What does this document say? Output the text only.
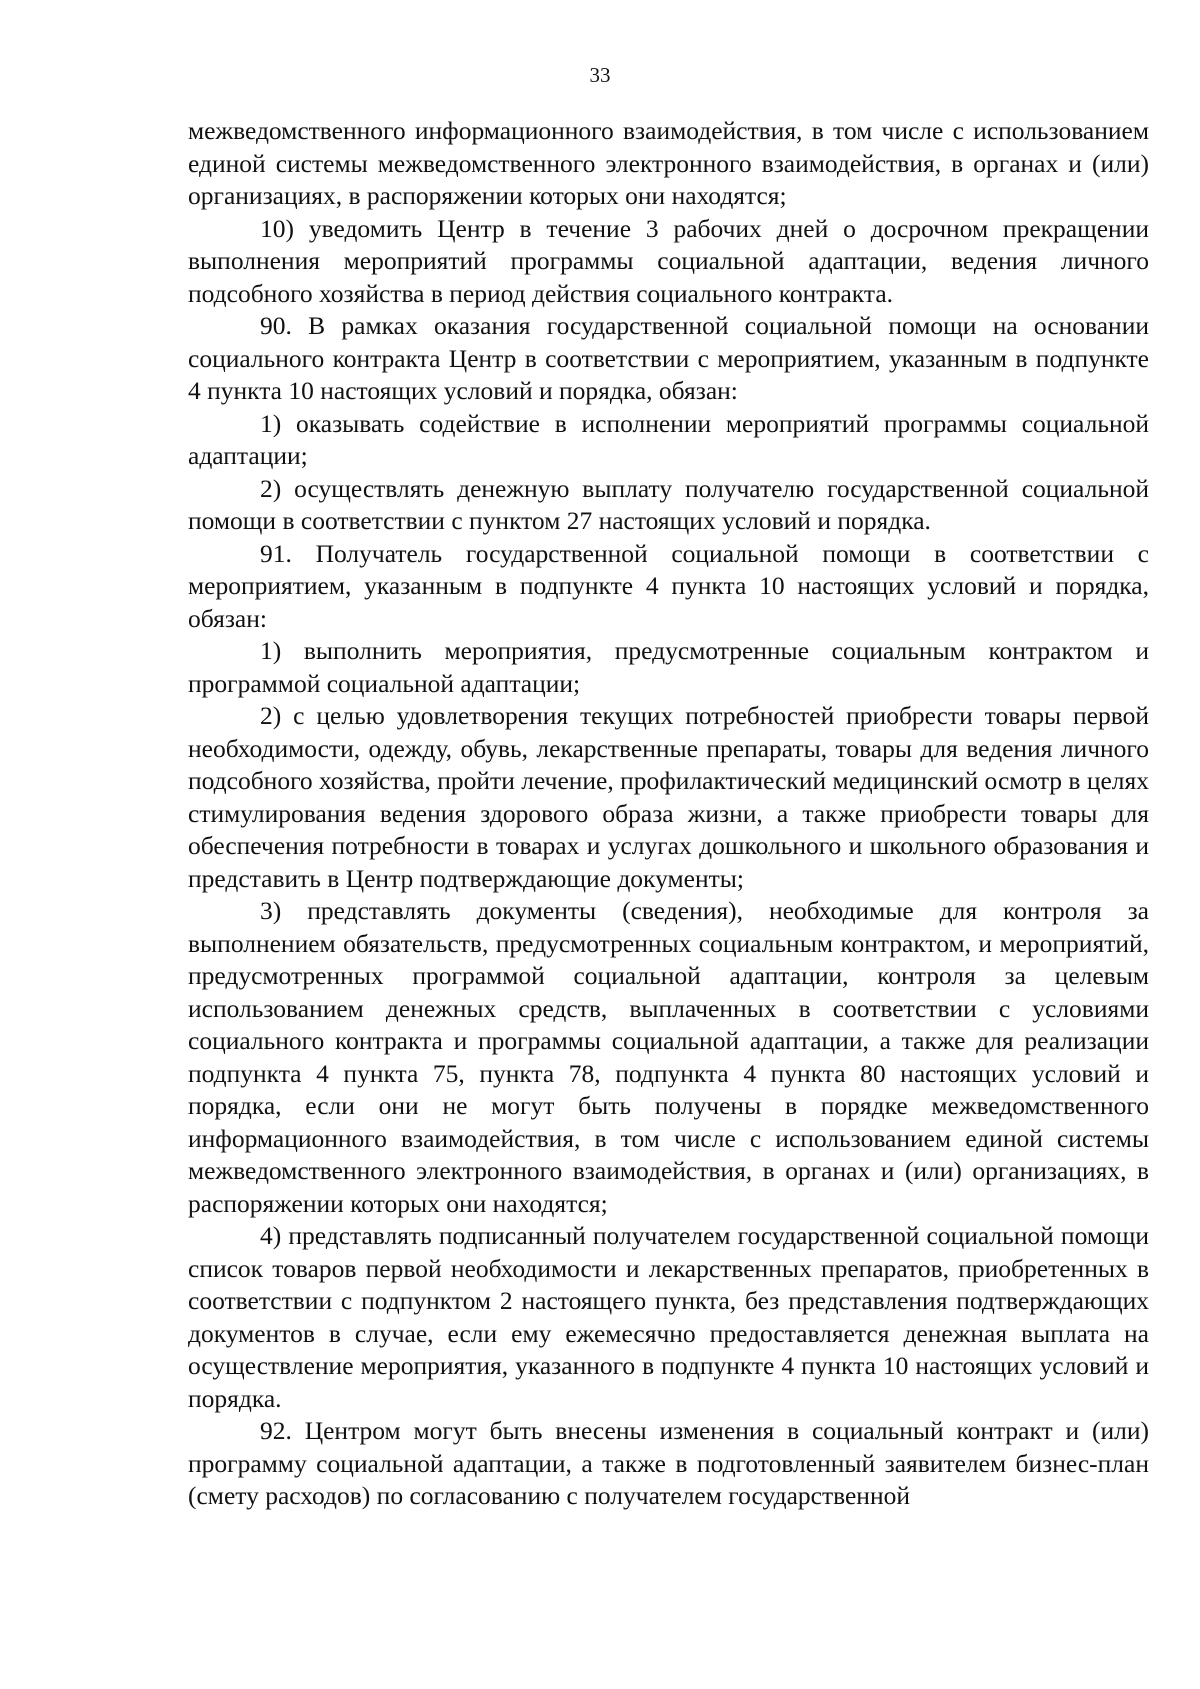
33

межведомственного информационного взаимодействия, в том числе с использованием единой системы межведомственного электронного взаимодействия, в органах и (или) организациях, в распоряжении которых они находятся;

10) уведомить Центр в течение 3 рабочих дней о досрочном прекращении выполнения мероприятий программы социальной адаптации, ведения личного подсобного хозяйства в период действия социального контракта.

90. В рамках оказания государственной социальной помощи на основании социального контракта Центр в соответствии с мероприятием, указанным в подпункте 4 пункта 10 настоящих условий и порядка, обязан:

1) оказывать содействие в исполнении мероприятий программы социальной адаптации;

2) осуществлять денежную выплату получателю государственной социальной помощи в соответствии с пунктом 27 настоящих условий и порядка.

91. Получатель государственной социальной помощи в соответствии с мероприятием, указанным в подпункте 4 пункта 10 настоящих условий и порядка, обязан:

1) выполнить мероприятия, предусмотренные социальным контрактом и программой социальной адаптации;

2) с целью удовлетворения текущих потребностей приобрести товары первой необходимости, одежду, обувь, лекарственные препараты, товары для ведения личного подсобного хозяйства, пройти лечение, профилактический медицинский осмотр в целях стимулирования ведения здорового образа жизни, а также приобрести товары для обеспечения потребности в товарах и услугах дошкольного и школьного образования и представить в Центр подтверждающие документы;

3) представлять документы (сведения), необходимые для контроля за выполнением обязательств, предусмотренных социальным контрактом, и мероприятий, предусмотренных программой социальной адаптации, контроля за целевым использованием денежных средств, выплаченных в соответствии с условиями социального контракта и программы социальной адаптации, а также для реализации подпункта 4 пункта 75, пункта 78, подпункта 4 пункта 80 настоящих условий и порядка, если они не могут быть получены в порядке межведомственного информационного взаимодействия, в том числе с использованием единой системы межведомственного электронного взаимодействия, в органах и (или) организациях, в распоряжении которых они находятся;

4) представлять подписанный получателем государственной социальной помощи список товаров первой необходимости и лекарственных препаратов, приобретенных в соответствии с подпунктом 2 настоящего пункта, без представления подтверждающих документов в случае, если ему ежемесячно предоставляется денежная выплата на осуществление мероприятия, указанного в подпункте 4 пункта 10 настоящих условий и порядка.

92. Центром могут быть внесены изменения в социальный контракт и (или) программу социальной адаптации, а также в подготовленный заявителем бизнес-план (смету расходов) по согласованию с получателем государственной
